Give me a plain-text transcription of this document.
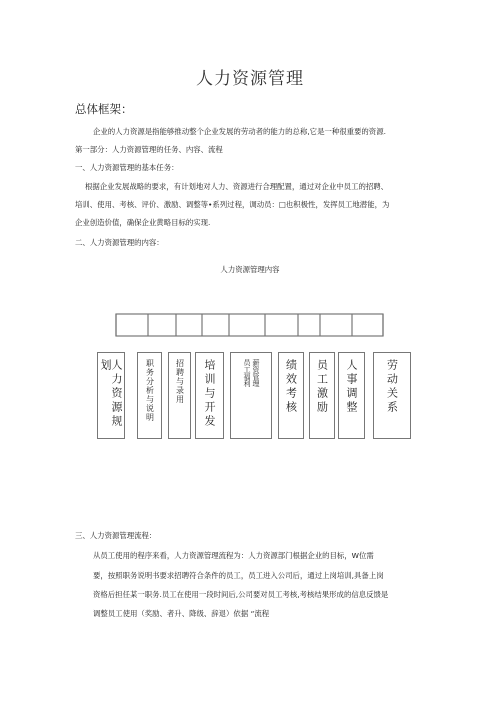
人力资源管理
总体框架：
企业的人力资源是指能够推动整个企业发展的劳动者的能力的总称,它是一种很重要的资源.
第一部分：人力资源管理的任务、内容、流程
一、人力资源管理的基本任务：
根据企业发展战略的要求，有计划地对人力、资源进行合理配置，通过对企业中员工的招聘、
培训、使用、考核、评价、激励、调整等•系列过程，调动员：□也积极性，发挥员工地潜能，为
企业创造价值，确保企业黄略目标的实现.
二、人力资源管理的内容：
人力资源管理内容
人力资源规划	职务分析与说明	招聘与录用 培训与开发	薪资管理
员工福利	绩效考核 员工激励 人事调整	劳动关系
三、人力资源管理流程：
从员工使用的程序来看，人力资源管理流程为：人力资源部门根据企业的目标，W位需
要，按照职务说明书要求招聘符合条件的员工，员工进入公司后，通过上岗培训,具备上岗
资格后担任某一职务.员工在使用一段时间后,公司要对员工考核,考核结果形成的信息反馈是
调整员工使用（奖励、者升、降级、辞退）依据 “流程
